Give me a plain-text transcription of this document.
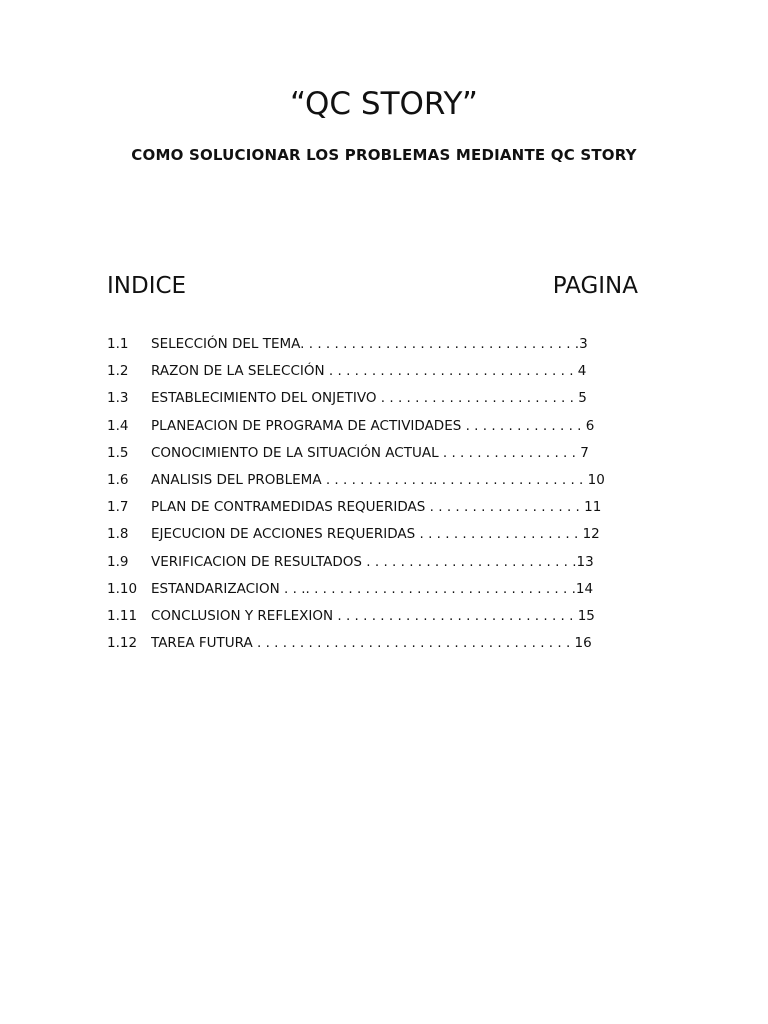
“QC STORY”
COMO SOLUCIONAR LOS PROBLEMAS MEDIANTE QC STORY
INDICE	PAGINA
1.1 SELECCIÓN DEL TEMA. . . . . . . . . . . . . . . . . . . . . . . . . . . . . . . . .3
1.2 RAZON DE LA SELECCIÓN . . . . . . . . . . . . . . . . . . . . . . . . . . . . . 4
1.3 ESTABLECIMIENTO DEL ONJETIVO . . . . . . . . . . . . . . . . . . . . . . . 5
1.4 PLANEACION DE PROGRAMA DE ACTIVIDADES . . . . . . . . . . . . . . 6
1.5 CONOCIMIENTO DE LA SITUACIÓN ACTUAL . . . . . . . . . . . . . . . . 7
1.6 ANALISIS DEL PROBLEMA . . . . . . . . . . . . .. . . . . . . . . . . . . . . . . . 10
1.7 PLAN DE CONTRAMEDIDAS REQUERIDAS . . . . . . . . . . . . . . . . . . 11
1.8 EJECUCION DE ACCIONES REQUERIDAS . . . . . . . . . . . . . . . . . . . 12
1.9 VERIFICACION DE RESULTADOS . . . . . . . . . . . . . . . . . . . . . . . . .13
1.10 ESTANDARIZACION . . .. . . . . . . . . . . . . . . . . . . . . . . . . . . . . . . .14
1.11 CONCLUSION Y REFLEXION . . . . . . . . . . . . . . . . . . . . . . . . . . . . 15
1.12 TAREA FUTURA . . . . . . . . . . . . . . . . . . . . . . . . . . . . . . . . . . . . . 16
